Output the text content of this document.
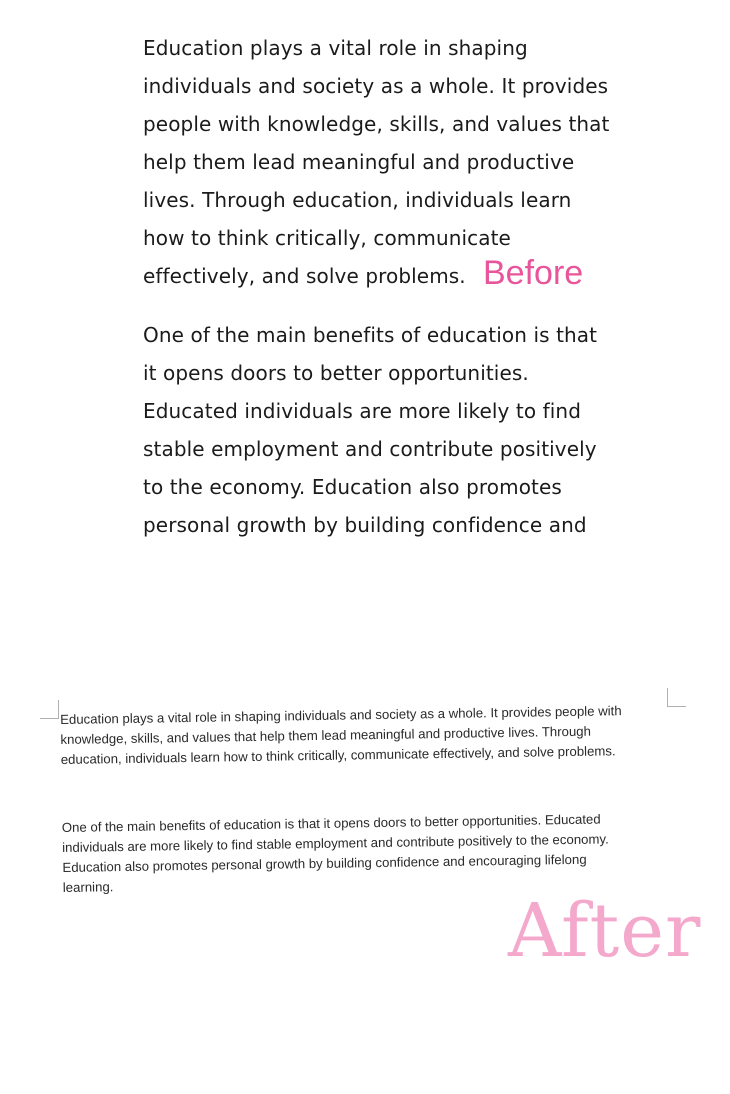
Education plays a vital role in shaping
individuals and society as a whole. It provides
people with knowledge, skills, and values that
help them lead meaningful and productive
lives. Through education, individuals learn
how to think critically, communicate
effectively, and solve problems.
One of the main benefits of education is that
it opens doors to better opportunities.
Educated individuals are more likely to find
stable employment and contribute positively
to the economy. Education also promotes
personal growth by building confidence and
Before
Education plays a vital role in shaping individuals and society as a whole. It provides people with
knowledge, skills, and values that help them lead meaningful and productive lives. Through
education, individuals learn how to think critically, communicate effectively, and solve problems.
One of the main benefits of education is that it opens doors to better opportunities. Educated
individuals are more likely to find stable employment and contribute positively to the economy.
Education also promotes personal growth by building confidence and encouraging lifelong
learning.
After
